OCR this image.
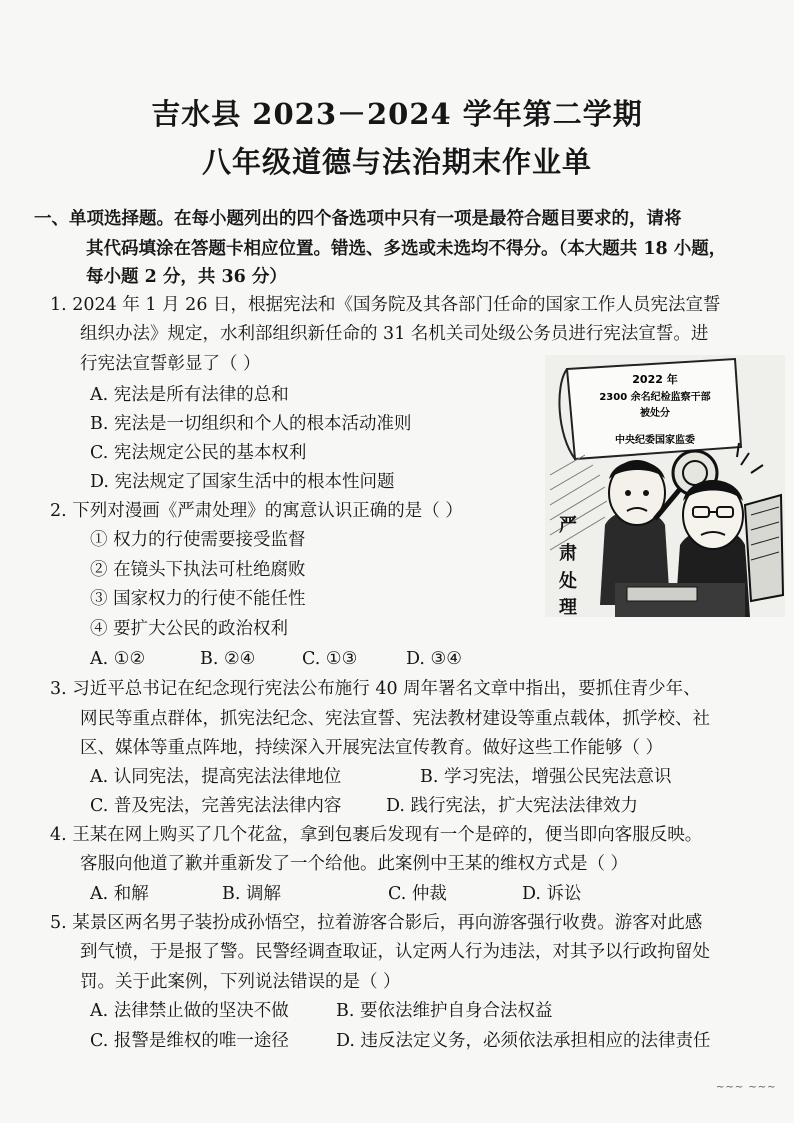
吉水县 2023－2024 学年第二学期
八年级道德与法治期末作业单
一、单项选择题。在每小题列出的四个备选项中只有一项是最符合题目要求的，请将
其代码填涂在答题卡相应位置。错选、多选或未选均不得分。（本大题共 18 小题，
每小题 2 分，共 36 分）
1. 2024 年 1 月 26 日，根据宪法和《国务院及其各部门任命的国家工作人员宪法宣誓
组织办法》规定，水利部组织新任命的 31 名机关司处级公务员进行宪法宣誓。进
行宪法宣誓彰显了（ ）
A. 宪法是所有法律的总和
B. 宪法是一切组织和个人的根本活动准则
C. 宪法规定公民的基本权利
D. 宪法规定了国家生活中的根本性问题
2. 下列对漫画《严肃处理》的寓意认识正确的是（ ）
① 权力的行使需要接受监督
② 在镜头下执法可杜绝腐败
③ 国家权力的行使不能任性
④ 要扩大公民的政治权利
A. ①②	B. ②④	C. ①③	D. ③④
2022 年
2300 余名纪检监察干部
被处分
中央纪委国家监委
严
肃
处
理
3. 习近平总书记在纪念现行宪法公布施行 40 周年署名文章中指出，要抓住青少年、
网民等重点群体，抓宪法纪念、宪法宣誓、宪法教材建设等重点载体，抓学校、社
区、媒体等重点阵地，持续深入开展宪法宣传教育。做好这些工作能够（ ）
A. 认同宪法，提高宪法法律地位	B. 学习宪法，增强公民宪法意识
C. 普及宪法，完善宪法法律内容	D. 践行宪法，扩大宪法法律效力
4. 王某在网上购买了几个花盆，拿到包裹后发现有一个是碎的，便当即向客服反映。
客服向他道了歉并重新发了一个给他。此案例中王某的维权方式是（ ）
A. 和解	B. 调解	C. 仲裁	D. 诉讼
5. 某景区两名男子装扮成孙悟空，拉着游客合影后，再向游客强行收费。游客对此感
到气愤，于是报了警。民警经调查取证，认定两人行为违法，对其予以行政拘留处
罚。关于此案例，下列说法错误的是（ ）
A. 法律禁止做的坚决不做	B. 要依法维护自身合法权益
C. 报警是维权的唯一途径	D. 违反法定义务，必须依法承担相应的法律责任
~~~ ~~~
